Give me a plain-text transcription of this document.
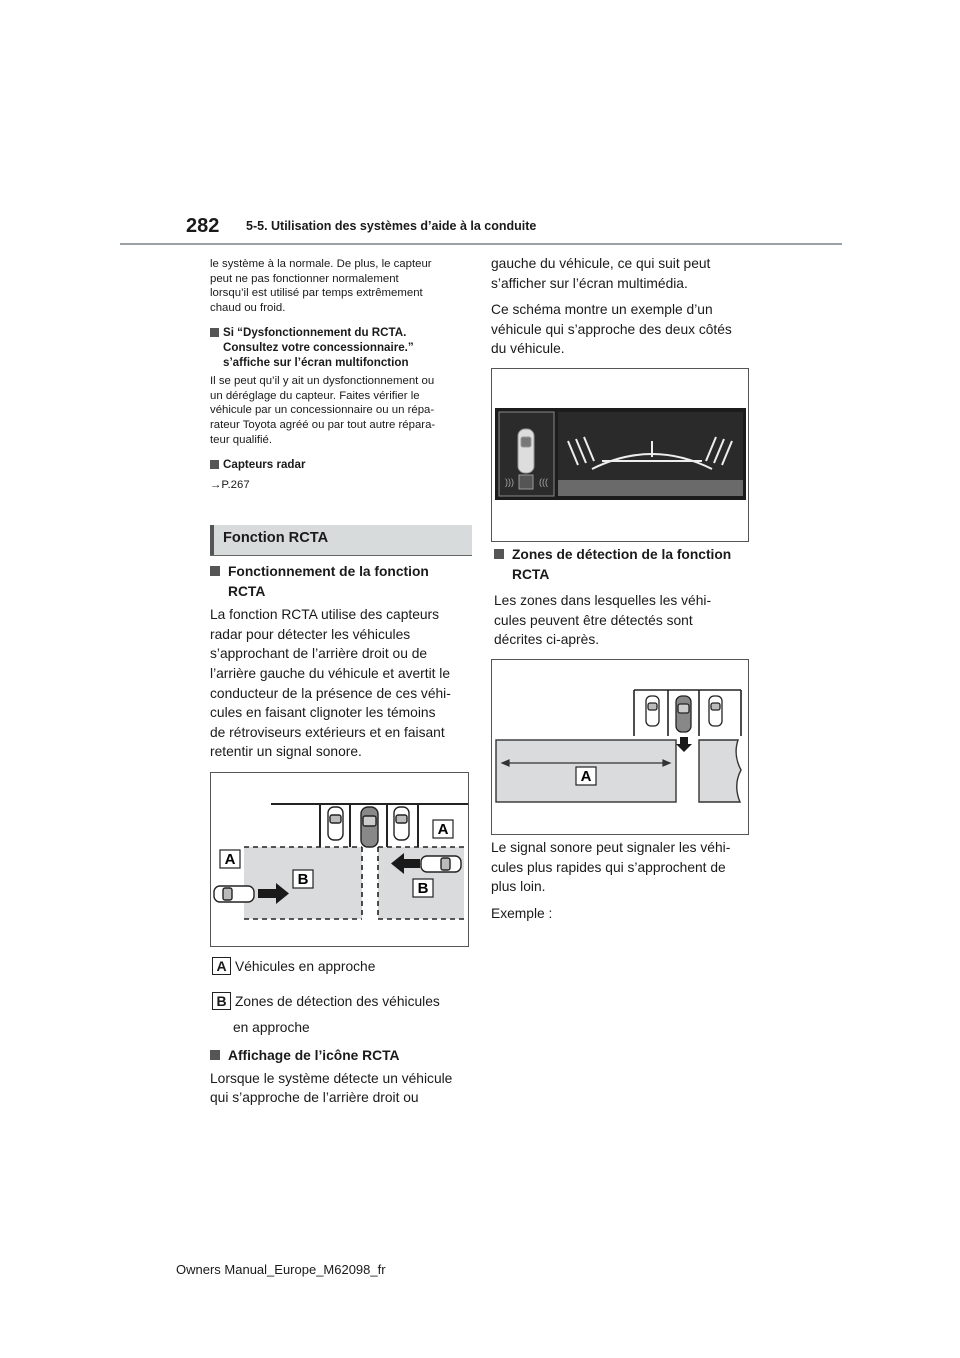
282 5-5. Utilisation des systèmes d’aide à la conduite

le système à la normale. De plus, le capteur
peut ne pas fonctionner normalement
lorsqu’il est utilisé par temps extrêmement
chaud ou froid.

Si “Dysfonctionnement du RCTA.
Consultez votre concessionnaire.”
s’affiche sur l’écran multifonction

Il se peut qu’il y ait un dysfonctionnement ou
un déréglage du capteur. Faites vérifier le
véhicule par un concessionnaire ou un répa-
rateur Toyota agréé ou par tout autre répara-
teur qualifié.

Capteurs radar

→P.267

Fonction RCTA
Fonctionnement de la fonction
RCTA

La fonction RCTA utilise des capteurs
radar pour détecter les véhicules
s’approchant de l’arrière droit ou de
l’arrière gauche du véhicule et avertit le
conducteur de la présence de ces véhi-
cules en faisant clignoter les témoins
de rétroviseurs extérieurs et en faisant
retentir un signal sonore.

A
B
A
B
A Véhicules en approche
B Zones de détection des véhicules
en approche
Affichage de l’icône RCTA

Lorsque le système détecte un véhicule
qui s’approche de l’arrière droit ou

gauche du véhicule, ce qui suit peut
s’afficher sur l’écran multimédia.

Ce schéma montre un exemple d’un
véhicule qui s’approche des deux côtés
du véhicule.

)))	(((
Zones de détection de la fonction
RCTA

Les zones dans lesquelles les véhi-
cules peuvent être détectés sont
décrites ci-après.

A

Le signal sonore peut signaler les véhi-
cules plus rapides qui s’approchent de
plus loin.

Exemple :

Owners Manual_Europe_M62098_fr
